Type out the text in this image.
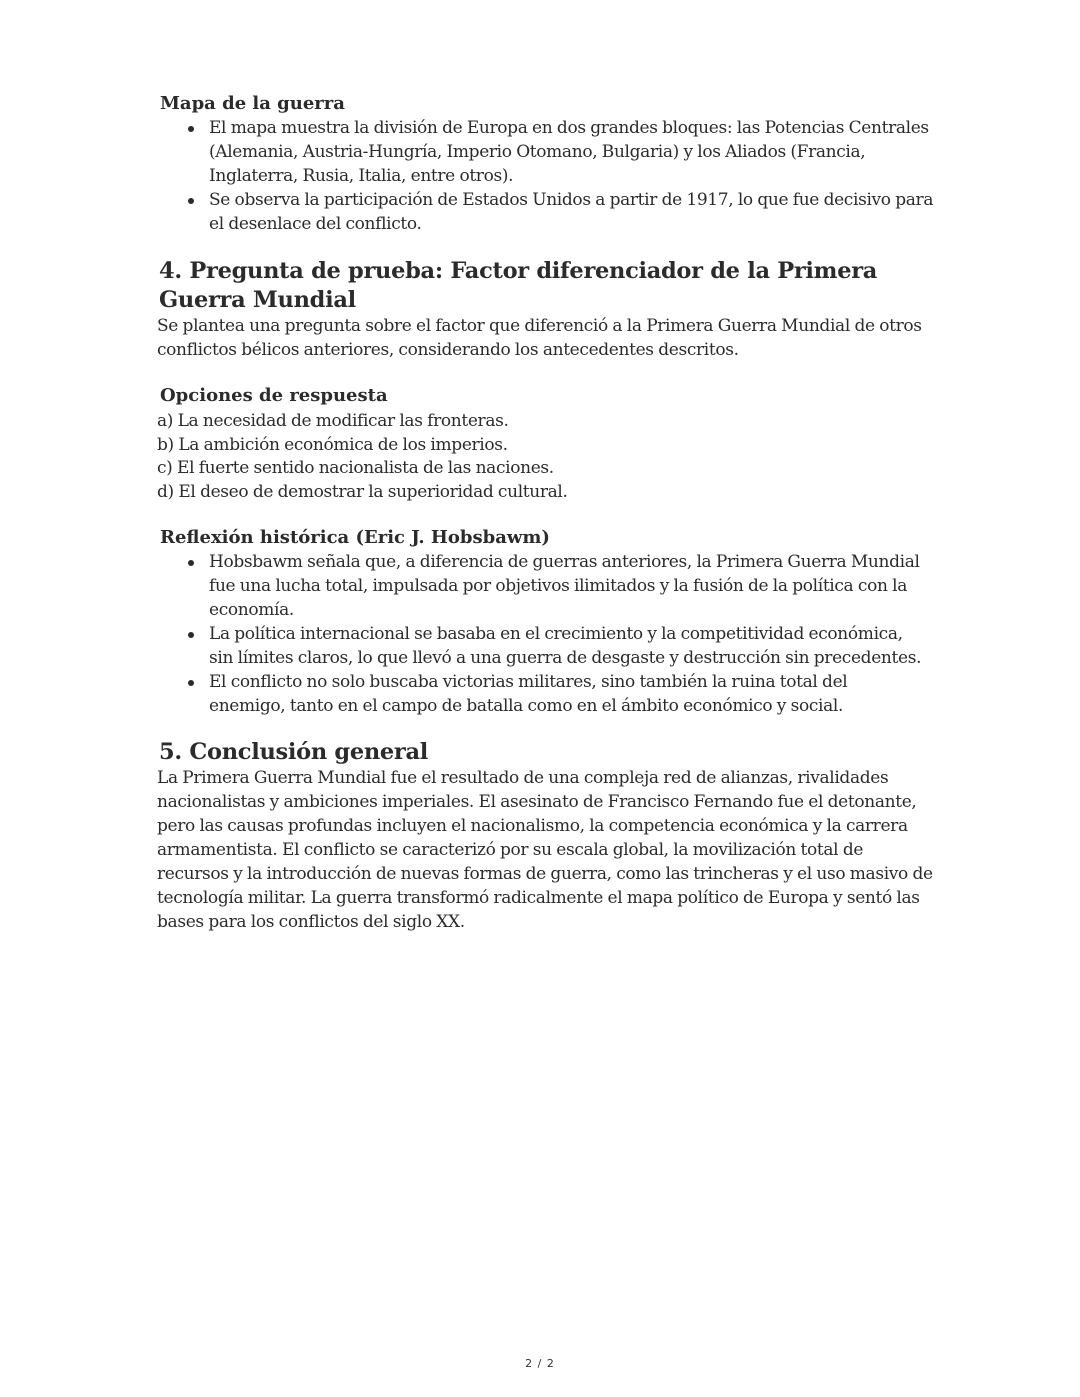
Mapa de la guerra
El mapa muestra la división de Europa en dos grandes bloques: las Potencias Centrales (Alemania, Austria-Hungría, Imperio Otomano, Bulgaria) y los Aliados (Francia, Inglaterra, Rusia, Italia, entre otros).
Se observa la participación de Estados Unidos a partir de 1917, lo que fue decisivo para el desenlace del conflicto.
4. Pregunta de prueba: Factor diferenciador de la Primera Guerra Mundial

Se plantea una pregunta sobre el factor que diferenció a la Primera Guerra Mundial de otros conflictos bélicos anteriores, considerando los antecedentes descritos.

Opciones de respuesta
a) La necesidad de modificar las fronteras.
b) La ambición económica de los imperios.
c) El fuerte sentido nacionalista de las naciones.
d) El deseo de demostrar la superioridad cultural.
Reflexión histórica (Eric J. Hobsbawm)
Hobsbawm señala que, a diferencia de guerras anteriores, la Primera Guerra Mundial fue una lucha total, impulsada por objetivos ilimitados y la fusión de la política con la economía.
La política internacional se basaba en el crecimiento y la competitividad económica, sin límites claros, lo que llevó a una guerra de desgaste y destrucción sin precedentes.
El conflicto no solo buscaba victorias militares, sino también la ruina total del enemigo, tanto en el campo de batalla como en el ámbito económico y social.
5. Conclusión general

La Primera Guerra Mundial fue el resultado de una compleja red de alianzas, rivalidades nacionalistas y ambiciones imperiales. El asesinato de Francisco Fernando fue el detonante, pero las causas profundas incluyen el nacionalismo, la competencia económica y la carrera armamentista. El conflicto se caracterizó por su escala global, la movilización total de recursos y la introducción de nuevas formas de guerra, como las trincheras y el uso masivo de tecnología militar. La guerra transformó radicalmente el mapa político de Europa y sentó las bases para los conflictos del siglo XX.

2 / 2
